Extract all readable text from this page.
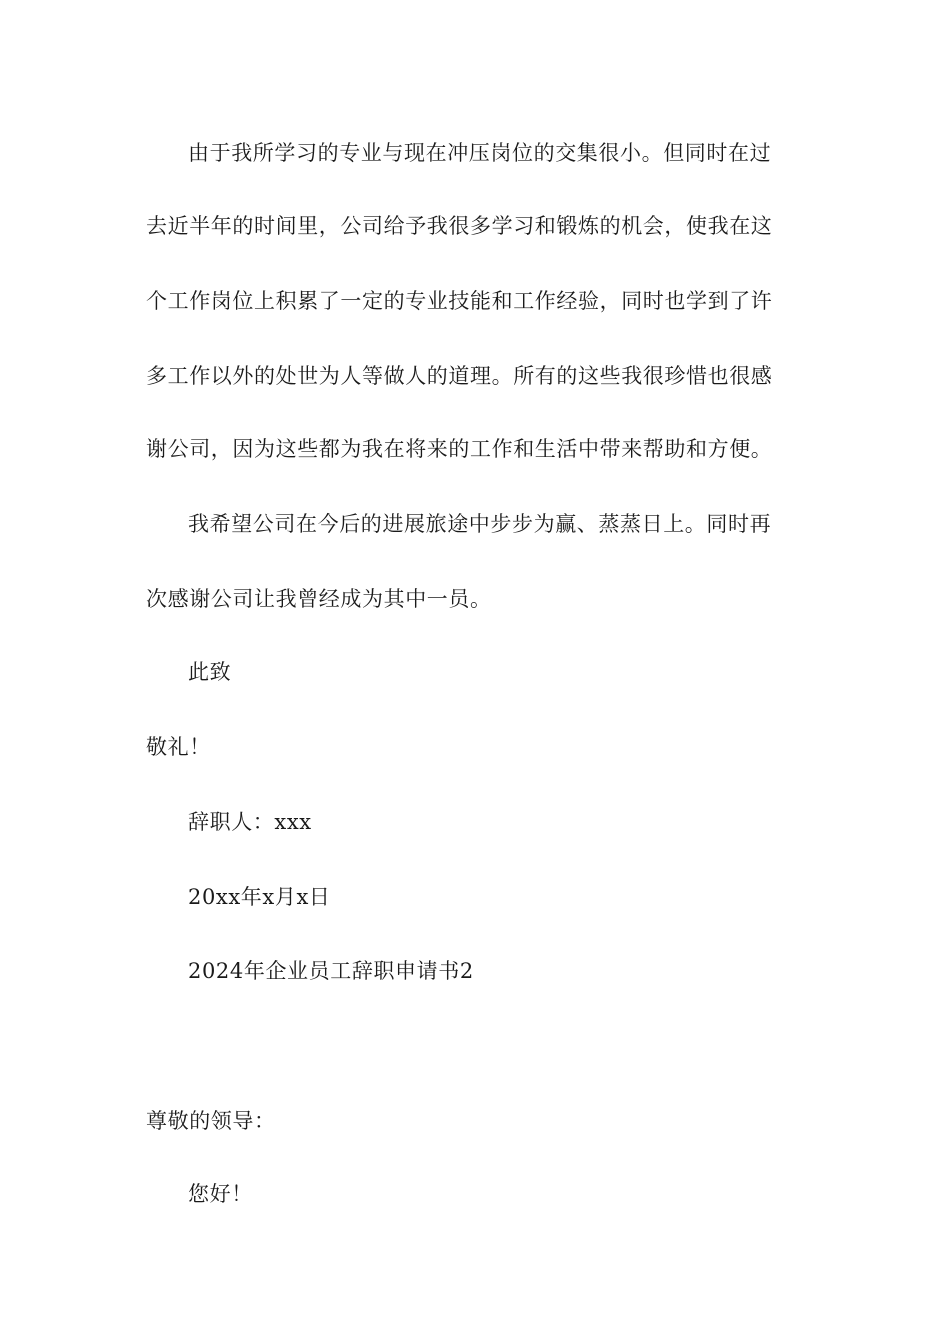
由于我所学习的专业与现在冲压岗位的交集很小。但同时在过
去近半年的时间里，公司给予我很多学习和锻炼的机会，使我在这
个工作岗位上积累了一定的专业技能和工作经验，同时也学到了许
多工作以外的处世为人等做人的道理。所有的这些我很珍惜也很感
谢公司，因为这些都为我在将来的工作和生活中带来帮助和方便。
我希望公司在今后的进展旅途中步步为赢、蒸蒸日上。同时再
次感谢公司让我曾经成为其中一员。
此致
敬礼！
辞职人：xxx
20xx年x月x日
2024年企业员工辞职申请书2
尊敬的领导：
您好！
